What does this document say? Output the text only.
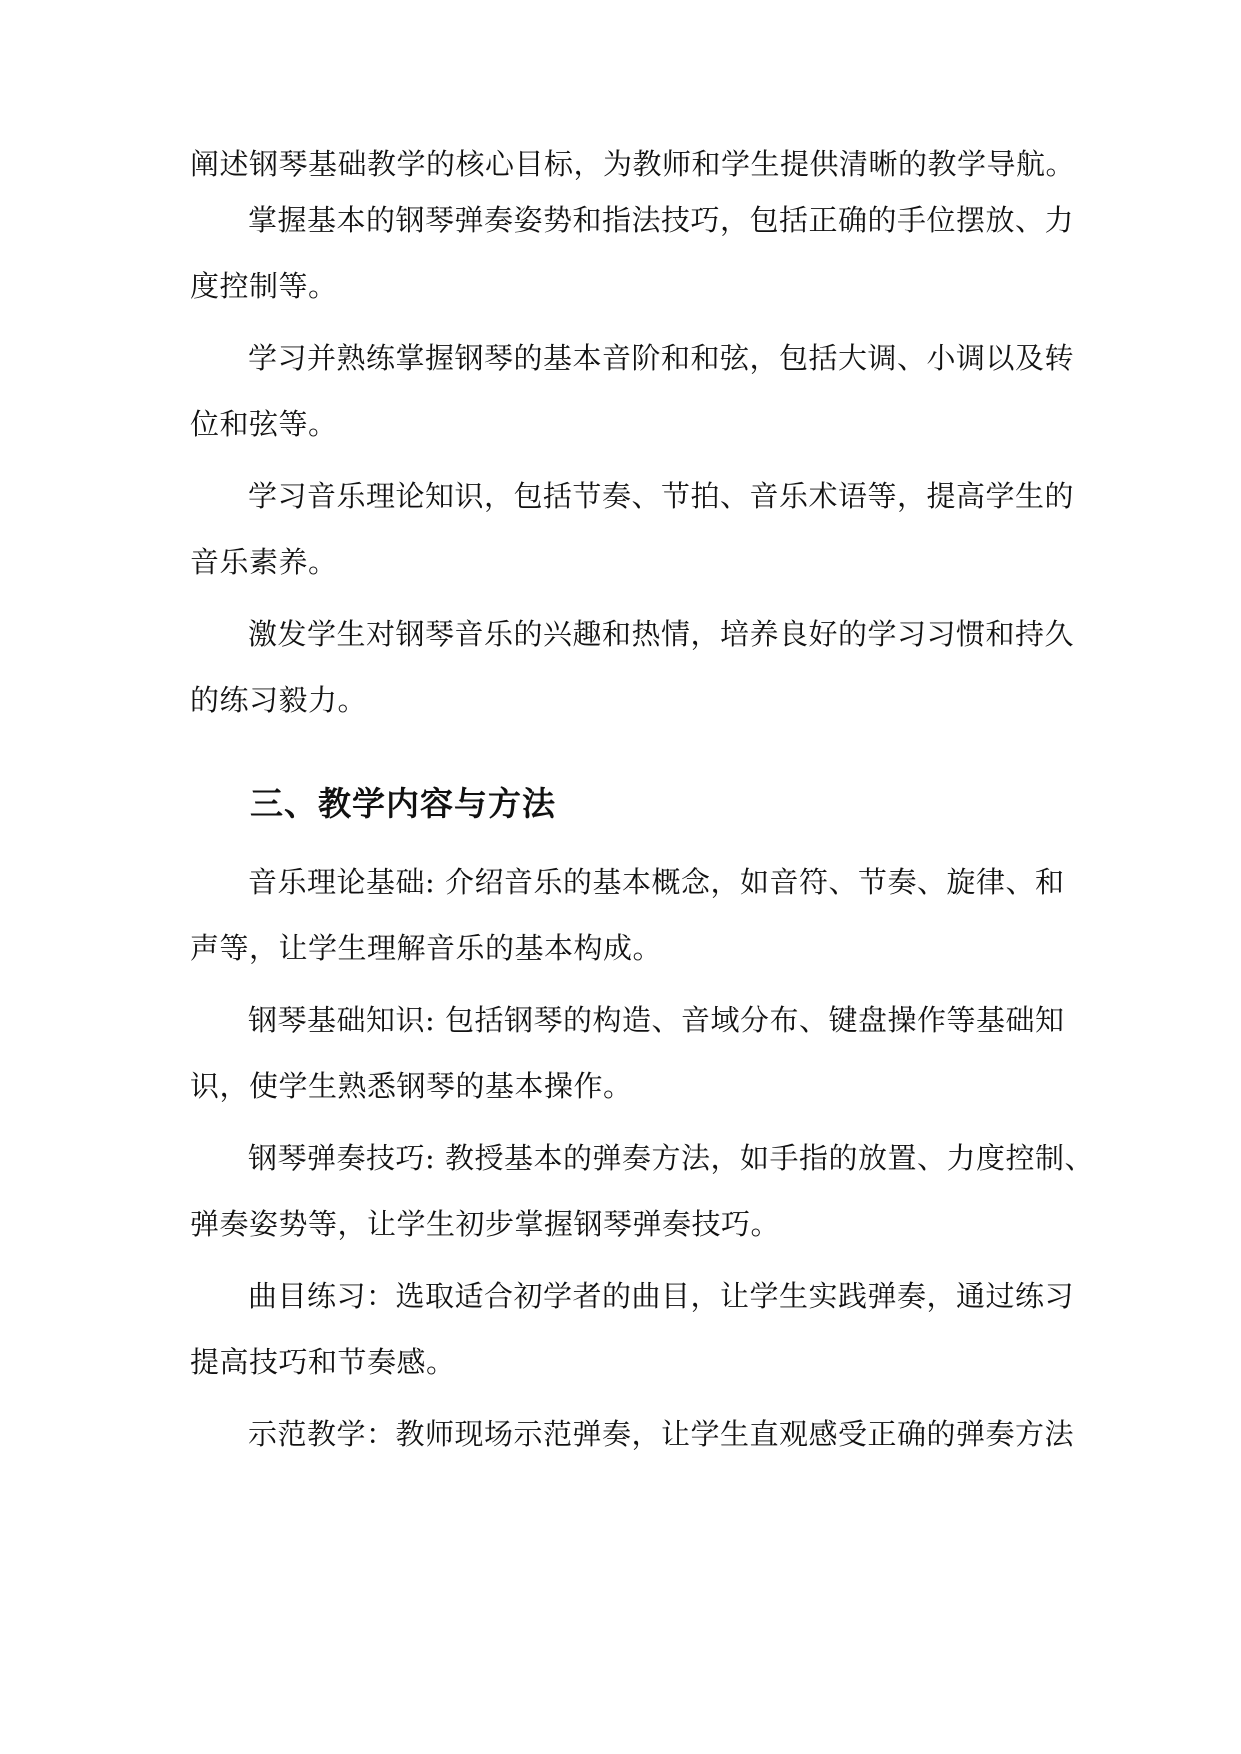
阐述钢琴基础教学的核心目标，为教师和学生提供清晰的教学导航。
掌握基本的钢琴弹奏姿势和指法技巧，包括正确的手位摆放、力
度控制等。
学习并熟练掌握钢琴的基本音阶和和弦，包括大调、小调以及转
位和弦等。
学习音乐理论知识，包括节奏、节拍、音乐术语等，提高学生的
音乐素养。
激发学生对钢琴音乐的兴趣和热情，培养良好的学习习惯和持久
的练习毅力。
三、教学内容与方法
音乐理论基础: 介绍音乐的基本概念，如音符、节奏、旋律、和
声等，让学生理解音乐的基本构成。
钢琴基础知识: 包括钢琴的构造、音域分布、键盘操作等基础知
识，使学生熟悉钢琴的基本操作。
钢琴弹奏技巧: 教授基本的弹奏方法，如手指的放置、力度控制、
弹奏姿势等，让学生初步掌握钢琴弹奏技巧。
曲目练习：选取适合初学者的曲目，让学生实践弹奏，通过练习
提高技巧和节奏感。
示范教学：教师现场示范弹奏，让学生直观感受正确的弹奏方法
